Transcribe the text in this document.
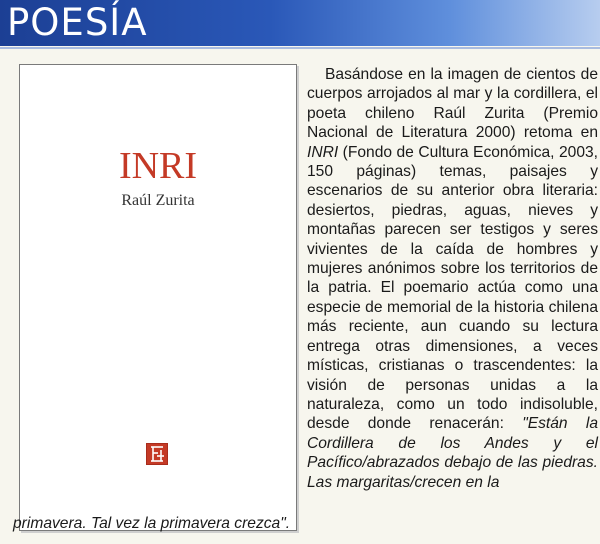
POESÍA
INRI
Raúl Zurita
Basándose en la imagen de cientos de cuerpos arrojados al mar y la cordillera, el poeta chileno Raúl Zurita (Premio Nacional de Literatura 2000) retoma en INRI (Fondo de Cultura Económica, 2003, 150 páginas) temas, paisajes y escenarios de su anterior obra literaria: desiertos, piedras, aguas, nieves y montañas parecen ser testigos y seres vivientes de la caída de hombres y mujeres anónimos sobre los territorios de la patria. El poemario actúa como una especie de memorial de la historia chilena más reciente, aun cuando su lectura entrega otras dimensiones, a veces místicas, cristianas o trascendentes: la visión de personas unidas a la naturaleza, como un todo indisoluble, desde donde renacerán: "Están la Cordillera de los Andes y el Pacífico/abrazados debajo de las piedras. Las margaritas/crecen en la
primavera. Tal vez la primavera crezca".
